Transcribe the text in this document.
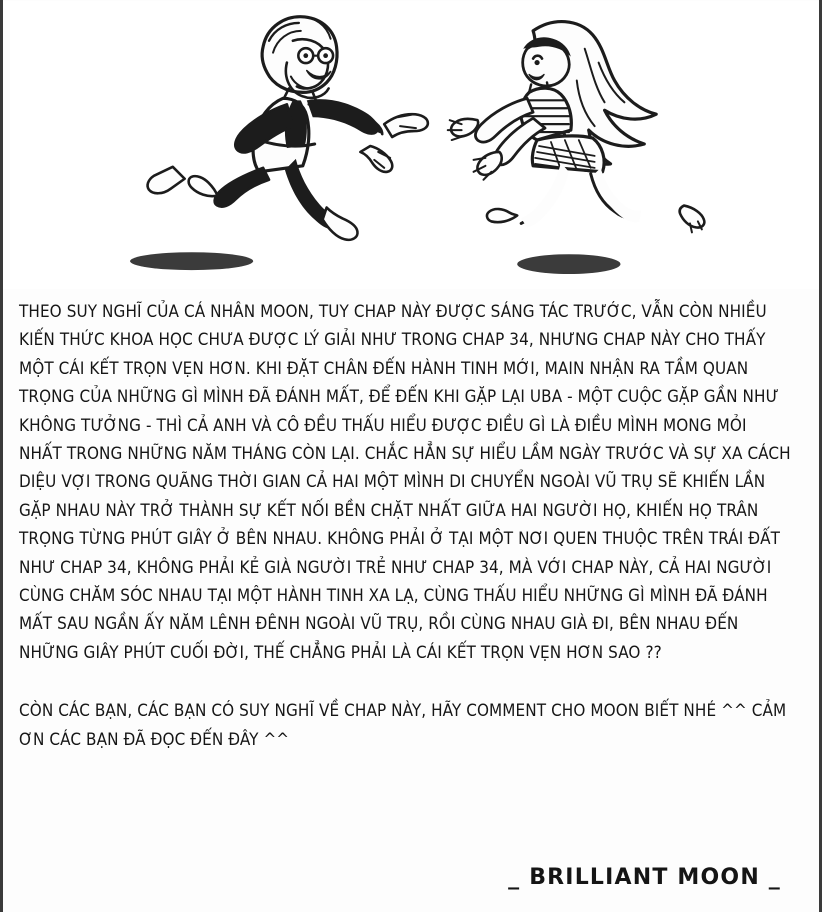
THEO SUY NGHĨ CỦA CÁ NHÂN MOON, TUY CHAP NÀY ĐƯỢC SÁNG TÁC TRƯỚC, VẪN CÒN NHIỀU KIẾN THỨC KHOA HỌC CHƯA ĐƯỢC LÝ GIẢI NHƯ TRONG CHAP 34, NHƯNG CHAP NÀY CHO THẤY MỘT CÁI KẾT TRỌN VẸN HƠN. KHI ĐẶT CHÂN ĐẾN HÀNH TINH MỚI, MAIN NHẬN RA TẦM QUAN TRỌNG CỦA NHỮNG GÌ MÌNH ĐÃ ĐÁNH MẤT, ĐỂ ĐẾN KHI GẶP LẠI UBA - MỘT CUỘC GẶP GẦN NHƯ KHÔNG TƯỞNG - THÌ CẢ ANH VÀ CÔ ĐỀU THẤU HIỂU ĐƯỢC ĐIỀU GÌ LÀ ĐIỀU MÌNH MONG MỎI NHẤT TRONG NHỮNG NĂM THÁNG CÒN LẠI. CHẮC HẲN SỰ HIỂU LẦM NGÀY TRƯỚC VÀ SỰ XA CÁCH DIỆU VỢI TRONG QUÃNG THỜI GIAN CẢ HAI MỘT MÌNH DI CHUYỂN NGOÀI VŨ TRỤ SẼ KHIẾN LẦN GẶP NHAU NÀY TRỞ THÀNH SỰ KẾT NỐI BỀN CHẶT NHẤT GIỮA HAI NGƯỜI HỌ, KHIẾN HỌ TRÂN TRỌNG TỪNG PHÚT GIÂY Ở BÊN NHAU. KHÔNG PHẢI Ở TẠI MỘT NƠI QUEN THUỘC TRÊN TRÁI ĐẤT NHƯ CHAP 34, KHÔNG PHẢI KẺ GIÀ NGƯỜI TRẺ NHƯ CHAP 34, MÀ VỚI CHAP NÀY, CẢ HAI NGƯỜI CÙNG CHĂM SÓC NHAU TẠI MỘT HÀNH TINH XA LẠ, CÙNG THẤU HIỂU NHỮNG GÌ MÌNH ĐÃ ĐÁNH MẤT SAU NGẦN ẤY NĂM LÊNH ĐÊNH NGOÀI VŨ TRỤ, RỒI CÙNG NHAU GIÀ ĐI, BÊN NHAU ĐẾN NHỮNG GIÂY PHÚT CUỐI ĐỜI, THẾ CHẲNG PHẢI LÀ CÁI KẾT TRỌN VẸN HƠN SAO ??

CÒN CÁC BẠN, CÁC BẠN CÓ SUY NGHĨ VỀ CHAP NÀY, HÃY COMMENT CHO MOON BIẾT NHÉ ^^ CẢM ƠN CÁC BẠN ĐÃ ĐỌC ĐẾN ĐÂY ^^

_ BRILLIANT MOON _
